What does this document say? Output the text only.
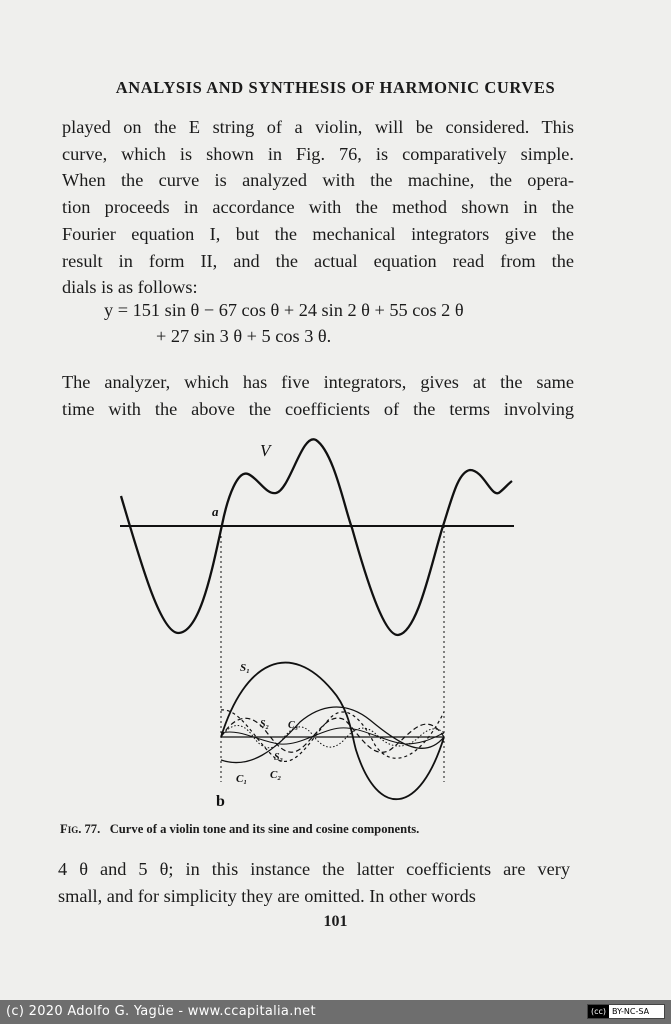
ANALYSIS AND SYNTHESIS OF HARMONIC CURVES

played on the E string of a violin, will be considered. This

curve, which is shown in Fig. 76, is comparatively simple.

When the curve is analyzed with the machine, the opera-

tion proceeds in accordance with the method shown in the

Fourier equation I, but the mechanical integrators give the

result in form II, and the actual equation read from the

dials is as follows:

y = 151 sin θ − 67 cos θ + 24 sin 2 θ + 55 cos 2 θ
+ 27 sin 3 θ + 5 cos 3 θ.

The analyzer, which has five integrators, gives at the same

time with the above the coefficients of the terms involving

V
a
b
S₁
S₂ C₃
S₃
C₁ C₂
Fig. 77. Curve of a violin tone and its sine and cosine components.

4 θ and 5 θ; in this instance the latter coefficients are very

small, and for simplicity they are omitted. In other words

101
(c) 2020 Adolfo G. Yagüe - www.ccapitalia.net	(cc) BY-NC-SA
